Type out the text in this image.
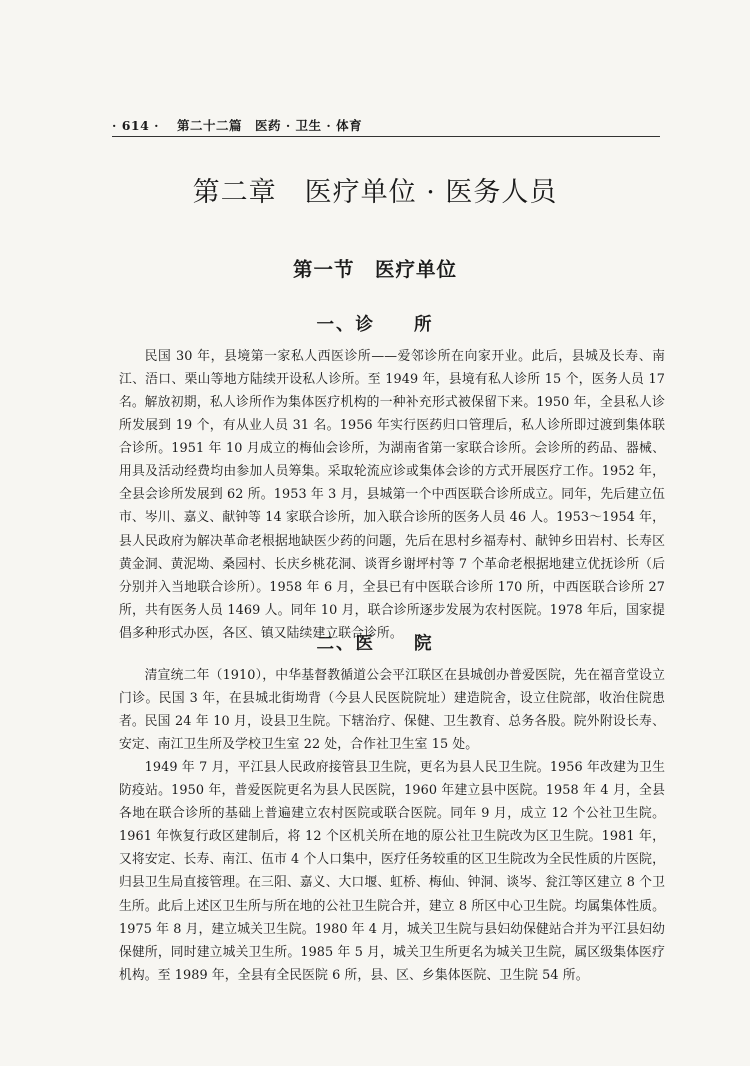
· 614 · 第二十二篇　医药 · 卫生 · 体育
第二章　医疗单位 · 医务人员
第一节　医疗单位
一、诊　　所
民国 30 年，县境第一家私人西医诊所——爱邻诊所在向家开业。此后，县城及长寿、南江、浯口、栗山等地方陆续开设私人诊所。至 1949 年，县境有私人诊所 15 个，医务人员 17 名。 解放初期，私人诊所作为集体医疗机构的一种补充形式被保留下来。1950 年，全县私人诊所发展到 19 个，有从业人员 31 名。1956 年实行医药归口管理后，私人诊所即过渡到集体联合诊所。1951 年 10 月成立的梅仙会诊所，为湖南省第一家联合诊所。会诊所的药品、器械、用具及活动经费均由参加人员筹集。采取轮流应诊或集体会诊的方式开展医疗工作。1952 年，全县会诊所发展到 62 所。1953 年 3 月，县城第一个中西医联合诊所成立。同年，先后建立伍市、岑川、嘉义、献钟等 14 家联合诊所，加入联合诊所的医务人员 46 人。1953～1954 年，县人民政府为解决革命老根据地缺医少药的问题，先后在思村乡福寿村、献钟乡田岩村、长寿区黄金洞、黄泥坳、桑园村、长庆乡桃花洞、谈胥乡谢坪村等 7 个革命老根据地建立优抚诊所（后分别并入当地联合诊所）。1958 年 6 月，全县已有中医联合诊所 170 所，中西医联合诊所 27 所，共有医务人员 1469 人。同年 10 月，联合诊所逐步发展为农村医院。1978 年后，国家提倡多种形式办医，各区、镇又陆续建立联合诊所。
二、医　　院
清宣统二年（1910），中华基督教循道公会平江联区在县城创办普爱医院，先在福音堂设立门诊。民国 3 年，在县城北街坳背（今县人民医院院址）建造院舍，设立住院部，收治住院患者。 民国 24 年 10 月，设县卫生院。下辖治疗、保健、卫生教育、总务各股。院外附设长寿、安定、南江卫生所及学校卫生室 22 处，合作社卫生室 15 处。
1949 年 7 月，平江县人民政府接管县卫生院，更名为县人民卫生院。1956 年改建为卫生防疫站。1950 年，普爱医院更名为县人民医院，1960 年建立县中医院。1958 年 4 月，全县各地在联合诊所的基础上普遍建立农村医院或联合医院。同年 9 月，成立 12 个公社卫生院。1961 年恢复行政区建制后，将 12 个区机关所在地的原公社卫生院改为区卫生院。1981 年，又将安定、长寿、南江、伍市 4 个人口集中，医疗任务较重的区卫生院改为全民性质的片医院，归县卫生局直接管理。在三阳、嘉义、大口堰、虹桥、梅仙、钟洞、谈岑、瓮江等区建立 8 个卫生所。此后上述区卫生所与所在地的公社卫生院合并，建立 8 所区中心卫生院。均属集体性质。1975 年 8 月，建立城关卫生院。1980 年 4 月，城关卫生院与县妇幼保健站合并为平江县妇幼保健所，同时建立城关卫生所。1985 年 5 月，城关卫生所更名为城关卫生院，属区级集体医疗机构。至 1989 年，全县有全民医院 6 所，县、区、乡集体医院、卫生院 54 所。
